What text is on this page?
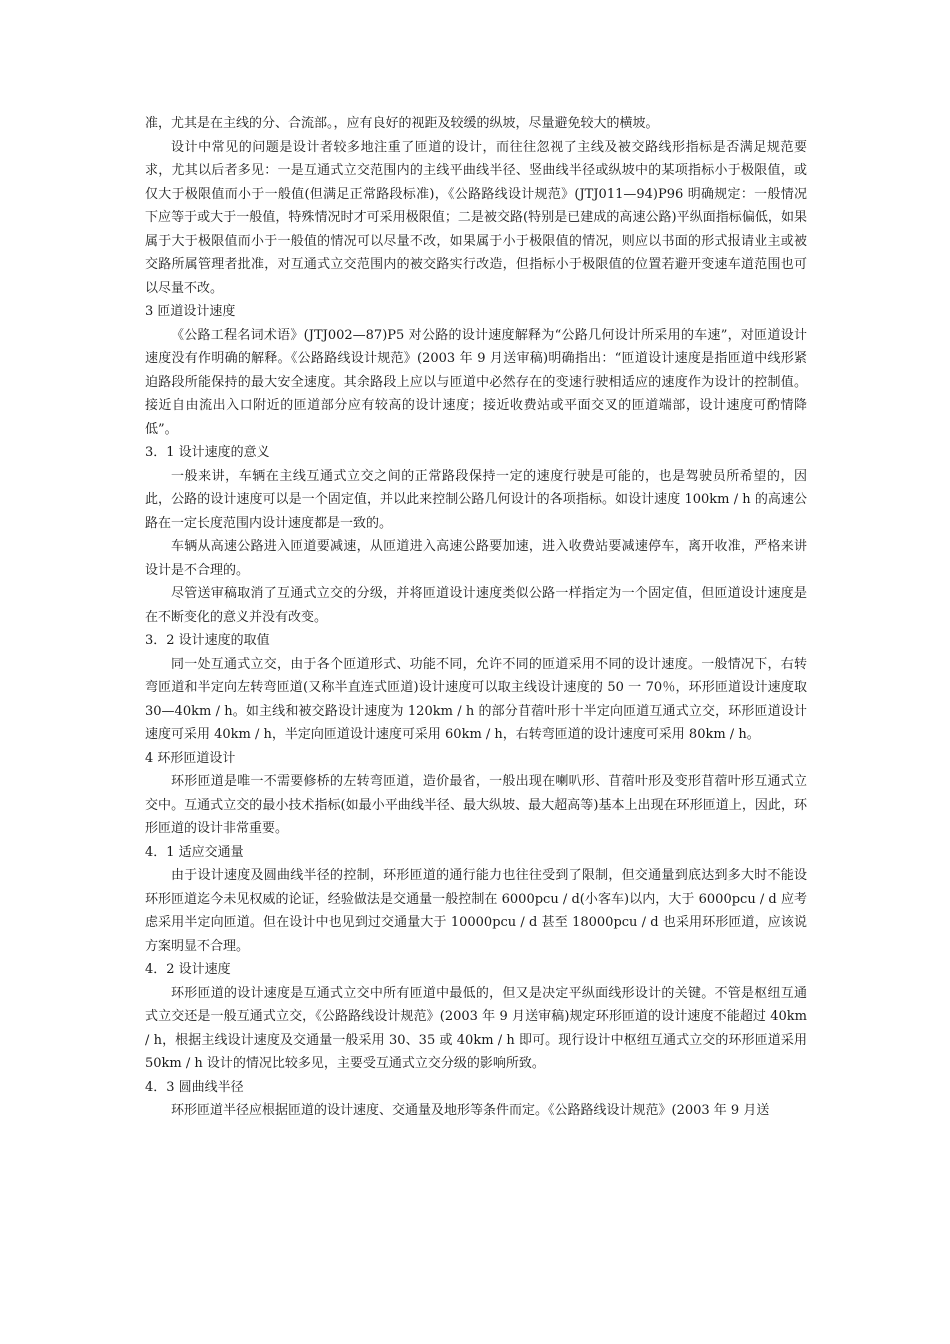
准，尤其是在主线的分、合流部。，应有良好的视距及较缓的纵坡，尽量避免较大的横坡。

设计中常见的问题是设计者较多地注重了匝道的设计，而往往忽视了主线及被交路线形指标是否满足规范要求，尤其以后者多见：一是互通式立交范围内的主线平曲线半径、竖曲线半径或纵坡中的某项指标小于极限值，或仅大于极限值而小于一般值(但满足正常路段标准)，《公路路线设计规范》(JTJ011—94)P96 明确规定：一般情况下应等于或大于一般值，特殊情况时才可采用极限值；二是被交路(特别是已建成的高速公路)平纵面指标偏低，如果属于大于极限值而小于一般值的情况可以尽量不改，如果属于小于极限值的情况，则应以书面的形式报请业主或被交路所属管理者批准，对互通式立交范围内的被交路实行改造，但指标小于极限值的位置若避开变速车道范围也可以尽量不改。

3 匝道设计速度

《公路工程名词术语》(JTJ002—87)P5 对公路的设计速度解释为“公路几何设计所采用的车速”，对匝道设计速度没有作明确的解释。《公路路线设计规范》(2003 年 9 月送审稿)明确指出：“匝道设计速度是指匝道中线形紧迫路段所能保持的最大安全速度。其余路段上应以与匝道中必然存在的变速行驶相适应的速度作为设计的控制值。接近自由流出入口附近的匝道部分应有较高的设计速度；接近收费站或平面交叉的匝道端部，设计速度可酌情降低”。

3．1 设计速度的意义

一般来讲，车辆在主线互通式立交之间的正常路段保持一定的速度行驶是可能的，也是驾驶员所希望的，因此，公路的设计速度可以是一个固定值，并以此来控制公路几何设计的各项指标。如设计速度 100km / h 的高速公路在一定长度范围内设计速度都是一致的。

车辆从高速公路进入匝道要减速，从匝道进入高速公路要加速，进入收费站要减速停车，离开收准，严格来讲设计是不合理的。

尽管送审稿取消了互通式立交的分级，并将匝道设计速度类似公路一样指定为一个固定值，但匝道设计速度是在不断变化的意义并没有改变。

3．2 设计速度的取值

同一处互通式立交，由于各个匝道形式、功能不同，允许不同的匝道采用不同的设计速度。一般情况下，右转弯匝道和半定向左转弯匝道(又称半直连式匝道)设计速度可以取主线设计速度的 50 一 70％，环形匝道设计速度取 30—40km / h。如主线和被交路设计速度为 120km / h 的部分苜蓿叶形十半定向匝道互通式立交，环形匝道设计速度可采用 40km / h，半定向匝道设计速度可采用 60km / h，右转弯匝道的设计速度可采用 80km / h。

4 环形匝道设计

环形匝道是唯一不需要修桥的左转弯匝道，造价最省，一般出现在喇叭形、苜蓿叶形及变形苜蓿叶形互通式立交中。互通式立交的最小技术指标(如最小平曲线半径、最大纵坡、最大超高等)基本上出现在环形匝道上，因此，环形匝道的设计非常重要。

4．1 适应交通量

由于设计速度及圆曲线半径的控制，环形匝道的通行能力也往往受到了限制，但交通量到底达到多大时不能设环形匝道迄今未见权威的论证，经验做法是交通量一般控制在 6000pcu / d(小客车)以内，大于 6000pcu / d 应考虑采用半定向匝道。但在设计中也见到过交通量大于 10000pcu / d 甚至 18000pcu / d 也采用环形匝道，应该说方案明显不合理。

4．2 设计速度

环形匝道的设计速度是互通式立交中所有匝道中最低的，但又是决定平纵面线形设计的关键。不管是枢纽互通式立交还是一般互通式立交，《公路路线设计规范》(2003 年 9 月送审稿)规定环形匝道的设计速度不能超过 40km / h，根据主线设计速度及交通量一般采用 30、35 或 40km / h 即可。现行设计中枢纽互通式立交的环形匝道采用 50km / h 设计的情况比较多见，主要受互通式立交分级的影响所致。

4．3 圆曲线半径

环形匝道半径应根据匝道的设计速度、交通量及地形等条件而定。《公路路线设计规范》(2003 年 9 月送
